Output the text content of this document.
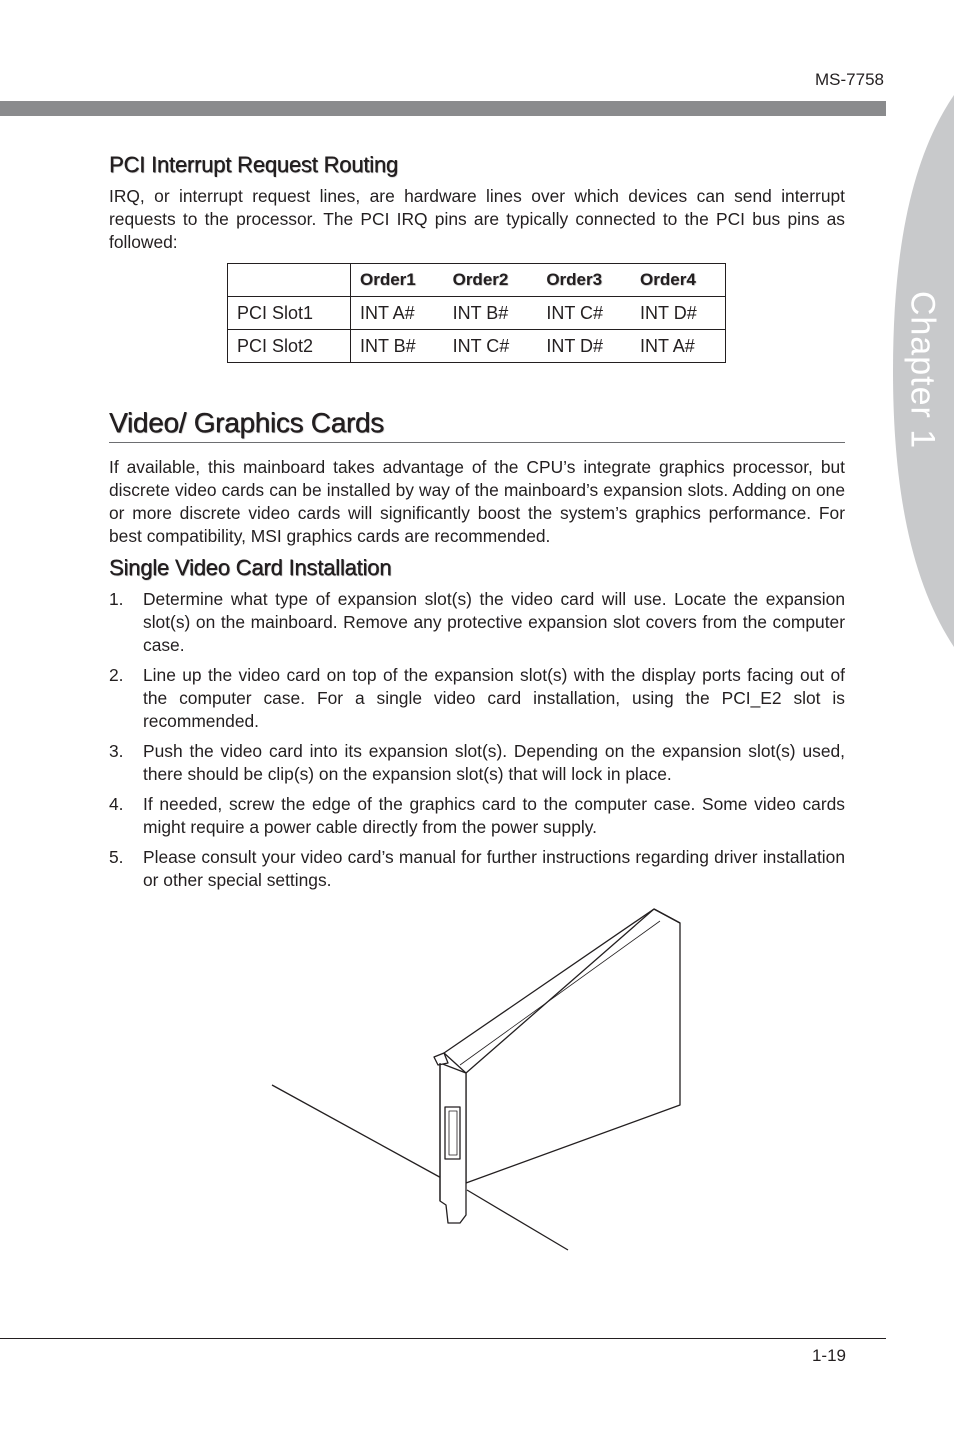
MS-7758
Chapter 1
PCI Interrupt Request Routing

IRQ, or interrupt request lines, are hardware lines over which devices can send interrupt requests to the processor. The PCI IRQ pins are typically connected to the PCI bus pins as followed:

	Order1	Order2	Order3	Order4
PCI Slot1	INT A#	INT B#	INT C#	INT D#
PCI Slot2	INT B#	INT C#	INT D#	INT A#
Video/ Graphics Cards

If available, this mainboard takes advantage of the CPU’s integrate graphics processor, but discrete video cards can be installed by way of the mainboard’s expansion slots. Adding on one or more discrete video cards will significantly boost the system’s graphics performance. For best compatibility, MSI graphics cards are recommended.

Single Video Card Installation
1. Determine what type of expansion slot(s) the video card will use. Locate the expansion slot(s) on the mainboard. Remove any protective expansion slot covers from the computer case.
2. Line up the video card on top of the expansion slot(s) with the display ports facing out of the computer case. For a single video card installation, using the PCI_E2 slot is recommended.
3. Push the video card into its expansion slot(s). Depending on the expansion slot(s) used, there should be clip(s) on the expansion slot(s) that will lock in place.
4. If needed, screw the edge of the graphics card to the computer case. Some video cards might require a power cable directly from the power supply.
5. Please consult your video card’s manual for further instructions regarding driver installation or other special settings.
1-19
